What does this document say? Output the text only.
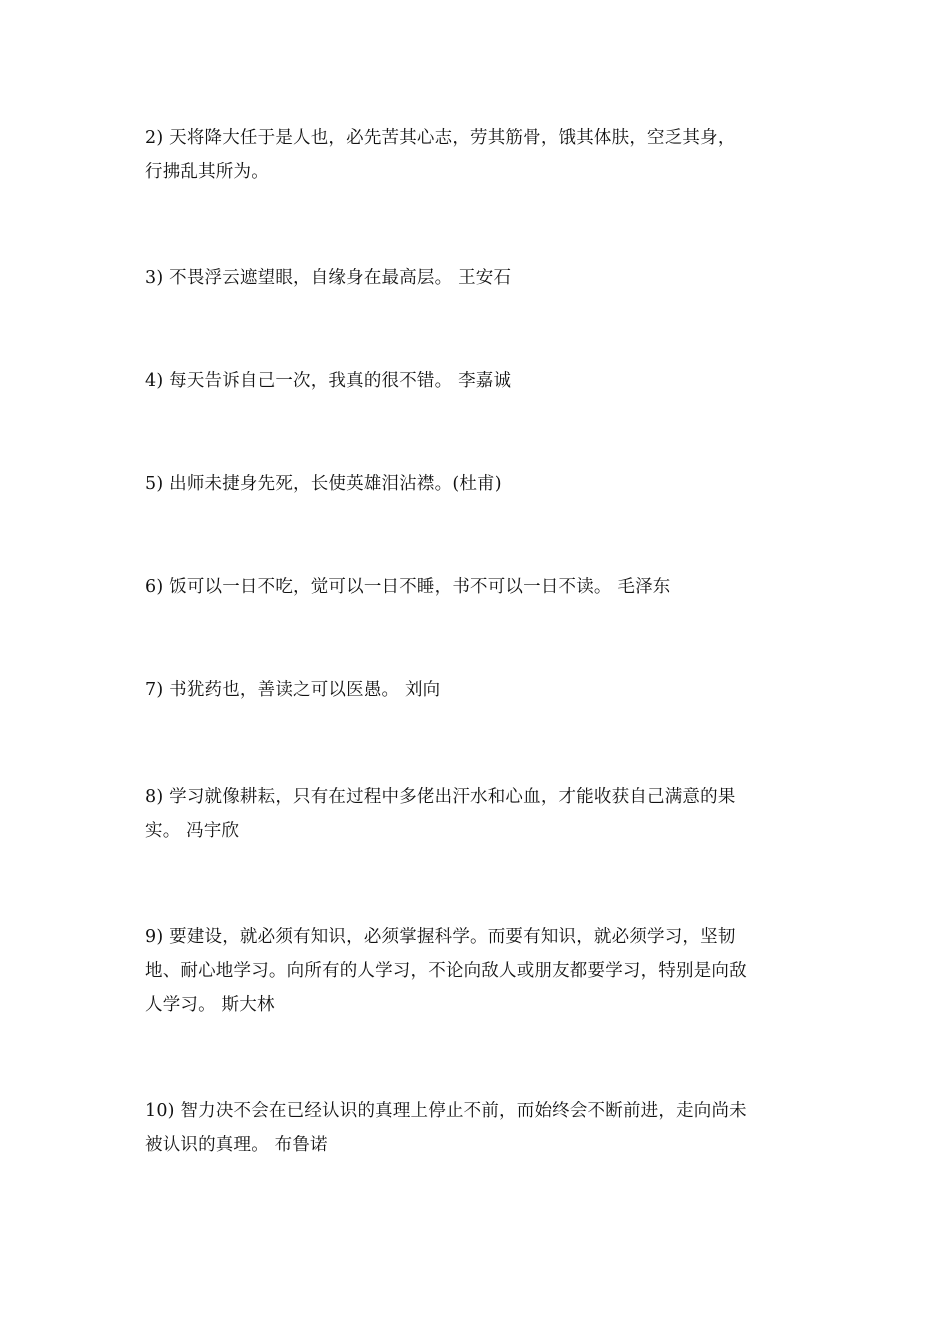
2) 天将降大任于是人也，必先苦其心志，劳其筋骨，饿其体肤，空乏其身，
行拂乱其所为。

3) 不畏浮云遮望眼，自缘身在最高层。 王安石

4) 每天告诉自己一次，我真的很不错。 李嘉诚

5) 出师未捷身先死，长使英雄泪沾襟。(杜甫)

6) 饭可以一日不吃，觉可以一日不睡，书不可以一日不读。 毛泽东

7) 书犹药也，善读之可以医愚。 刘向

8) 学习就像耕耘，只有在过程中多佬出汗水和心血，才能收获自己满意的果
实。 冯宇欣

9) 要建设，就必须有知识，必须掌握科学。而要有知识，就必须学习，坚韧
地、耐心地学习。向所有的人学习，不论向敌人或朋友都要学习，特别是向敌
人学习。 斯大林

10) 智力决不会在已经认识的真理上停止不前，而始终会不断前进，走向尚未
被认识的真理。 布鲁诺
